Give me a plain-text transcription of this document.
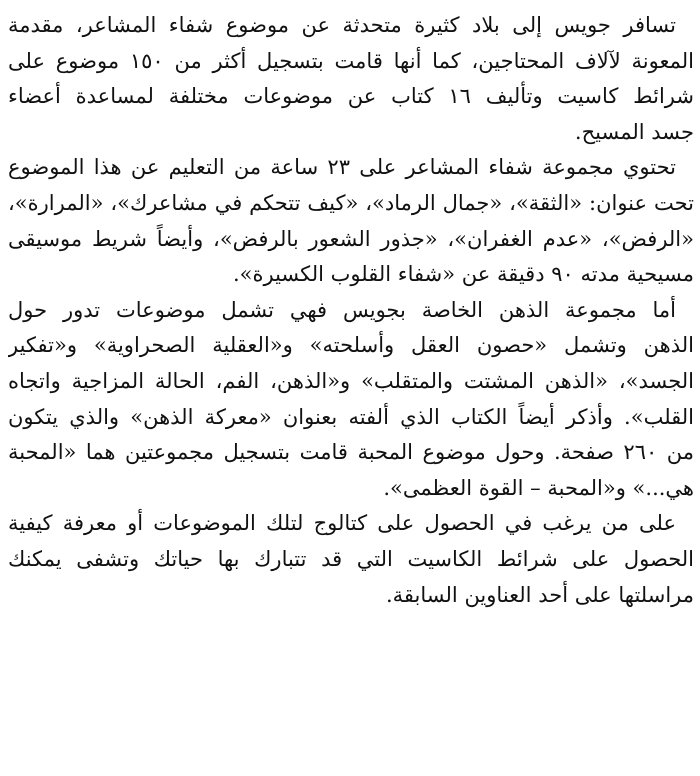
تسافر جويس إلى بلاد كثيرة متحدثة عن موضوع شفاء المشاعر، مقدمة
المعونة لآلاف المحتاجين، كما أنها قامت بتسجيل أكثر من ١٥٠ موضوع على
شرائط كاسيت وتأليف ١٦ كتاب عن موضوعات مختلفة لمساعدة أعضاء
جسد المسيح.
تحتوي مجموعة شفاء المشاعر على ٢٣ ساعة من التعليم عن هذا الموضوع
تحت عنوان: «الثقة»، «جمال الرماد»، «كيف تتحكم في مشاعرك»، «المرارة»،
«الرفض»، «عدم الغفران»، «جذور الشعور بالرفض»، وأيضاً شريط موسيقى
مسيحية مدته ٩٠ دقيقة عن «شفاء القلوب الكسيرة».
أما مجموعة الذهن الخاصة بجويس فهي تشمل موضوعات تدور حول
الذهن وتشمل «حصون العقل وأسلحته» و«العقلية الصحراوية» و«تفكير
الجسد»، «الذهن المشتت والمتقلب» و«الذهن، الفم، الحالة المزاجية واتجاه
القلب». وأذكر أيضاً الكتاب الذي ألفته بعنوان «معركة الذهن» والذي يتكون
من ٢٦٠ صفحة. وحول موضوع المحبة قامت بتسجيل مجموعتين هما «المحبة
هي...» و«المحبة – القوة العظمى».
على من يرغب في الحصول على كتالوج لتلك الموضوعات أو معرفة كيفية
الحصول على شرائط الكاسيت التي قد تتبارك بها حياتك وتشفى يمكنك
مراسلتها على أحد العناوين السابقة.
